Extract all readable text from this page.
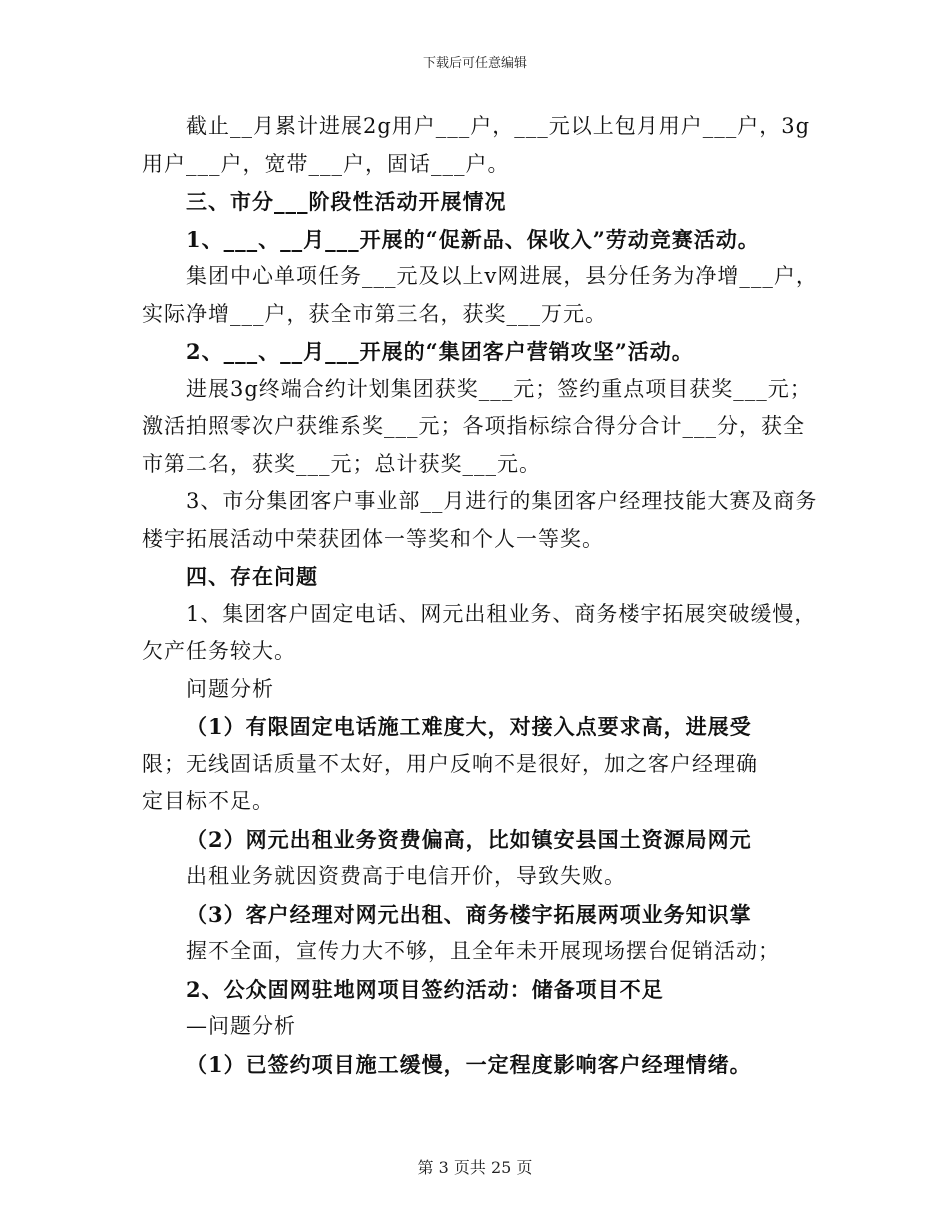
下载后可任意编辑
截止__月累计进展2g用户___户，___元以上包月用户___户，3g
用户___户，宽带___户，固话___户。
三、市分___阶段性活动开展情况
1、___、__月___开展的“促新品、保收入”劳动竞赛活动。
集团中心单项任务___元及以上v网进展，县分任务为净增___户，
实际净增___户，获全市第三名，获奖___万元。
2、___、__月___开展的“集团客户营销攻坚”活动。
进展3g终端合约计划集团获奖___元；签约重点项目获奖___元；
激活拍照零次户获维系奖___元；各项指标综合得分合计___分，获全
市第二名，获奖___元；总计获奖___元。
3、市分集团客户事业部__月进行的集团客户经理技能大赛及商务
楼宇拓展活动中荣获团体一等奖和个人一等奖。
四、存在问题
1、集团客户固定电话、网元出租业务、商务楼宇拓展突破缓慢，
欠产任务较大。
问题分析
（1）有限固定电话施工难度大，对接入点要求高，进展受
限；无线固话质量不太好，用户反响不是很好，加之客户经理确
定目标不足。
（2）网元出租业务资费偏高，比如镇安县国土资源局网元
出租业务就因资费高于电信开价，导致失败。
（3）客户经理对网元出租、商务楼宇拓展两项业务知识掌
握不全面，宣传力大不够，且全年未开展现场摆台促销活动；
2、公众固网驻地网项目签约活动：储备项目不足
—问题分析
（1）已签约项目施工缓慢，一定程度影响客户经理情绪。
第 3 页共 25 页
